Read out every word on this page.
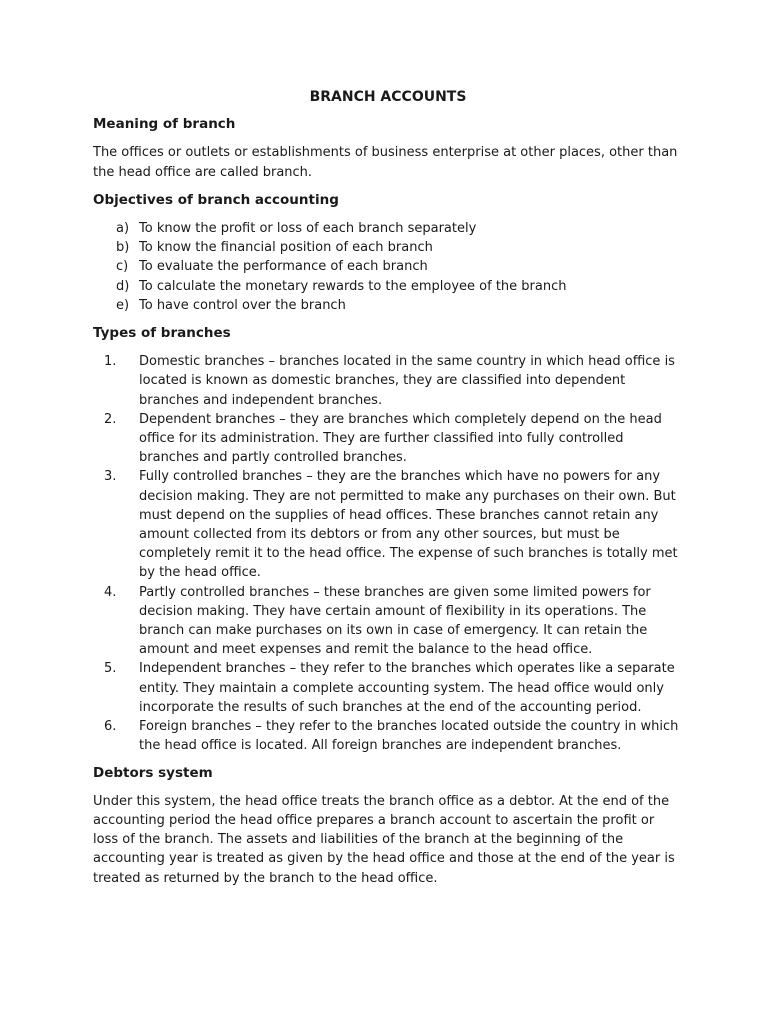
BRANCH ACCOUNTS
Meaning of branch
The offices or outlets or establishments of business enterprise at other places, other than the head office are called branch.
Objectives of branch accounting
a) To know the profit or loss of each branch separately
b) To know the financial position of each branch
c) To evaluate the performance of each branch
d) To calculate the monetary rewards to the employee of the branch
e) To have control over the branch
Types of branches
1. Domestic branches – branches located in the same country in which head office is located is known as domestic branches, they are classified into dependent branches and independent branches.
2. Dependent branches – they are branches which completely depend on the head office for its administration. They are further classified into fully controlled branches and partly controlled branches.
3. Fully controlled branches – they are the branches which have no powers for any decision making. They are not permitted to make any purchases on their own. But must depend on the supplies of head offices. These branches cannot retain any amount collected from its debtors or from any other sources, but must be completely remit it to the head office. The expense of such branches is totally met by the head office.
4. Partly controlled branches – these branches are given some limited powers for decision making. They have certain amount of flexibility in its operations. The branch can make purchases on its own in case of emergency. It can retain the amount and meet expenses and remit the balance to the head office.
5. Independent branches – they refer to the branches which operates like a separate entity. They maintain a complete accounting system. The head office would only incorporate the results of such branches at the end of the accounting period.
6. Foreign branches – they refer to the branches located outside the country in which the head office is located. All foreign branches are independent branches.
Debtors system
Under this system, the head office treats the branch office as a debtor. At the end of the accounting period the head office prepares a branch account to ascertain the profit or loss of the branch. The assets and liabilities of the branch at the beginning of the accounting year is treated as given by the head office and those at the end of the year is treated as returned by the branch to the head office.
